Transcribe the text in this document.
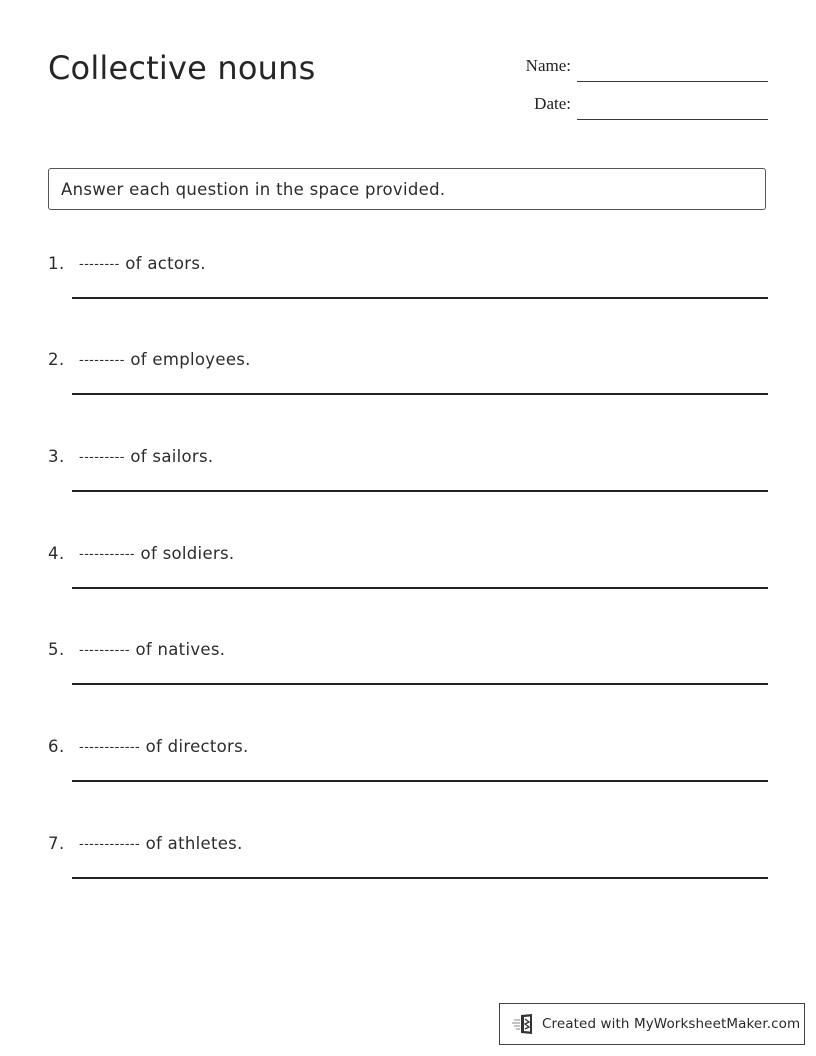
Collective nouns	Name:
Date:
Answer each question in the space provided.
1. -------- of actors.
2. --------- of employees.
3. --------- of sailors.
4. ----------- of soldiers.
5. ---------- of natives.
6. ------------ of directors.
7. ------------ of athletes.
Created with MyWorksheetMaker.com
